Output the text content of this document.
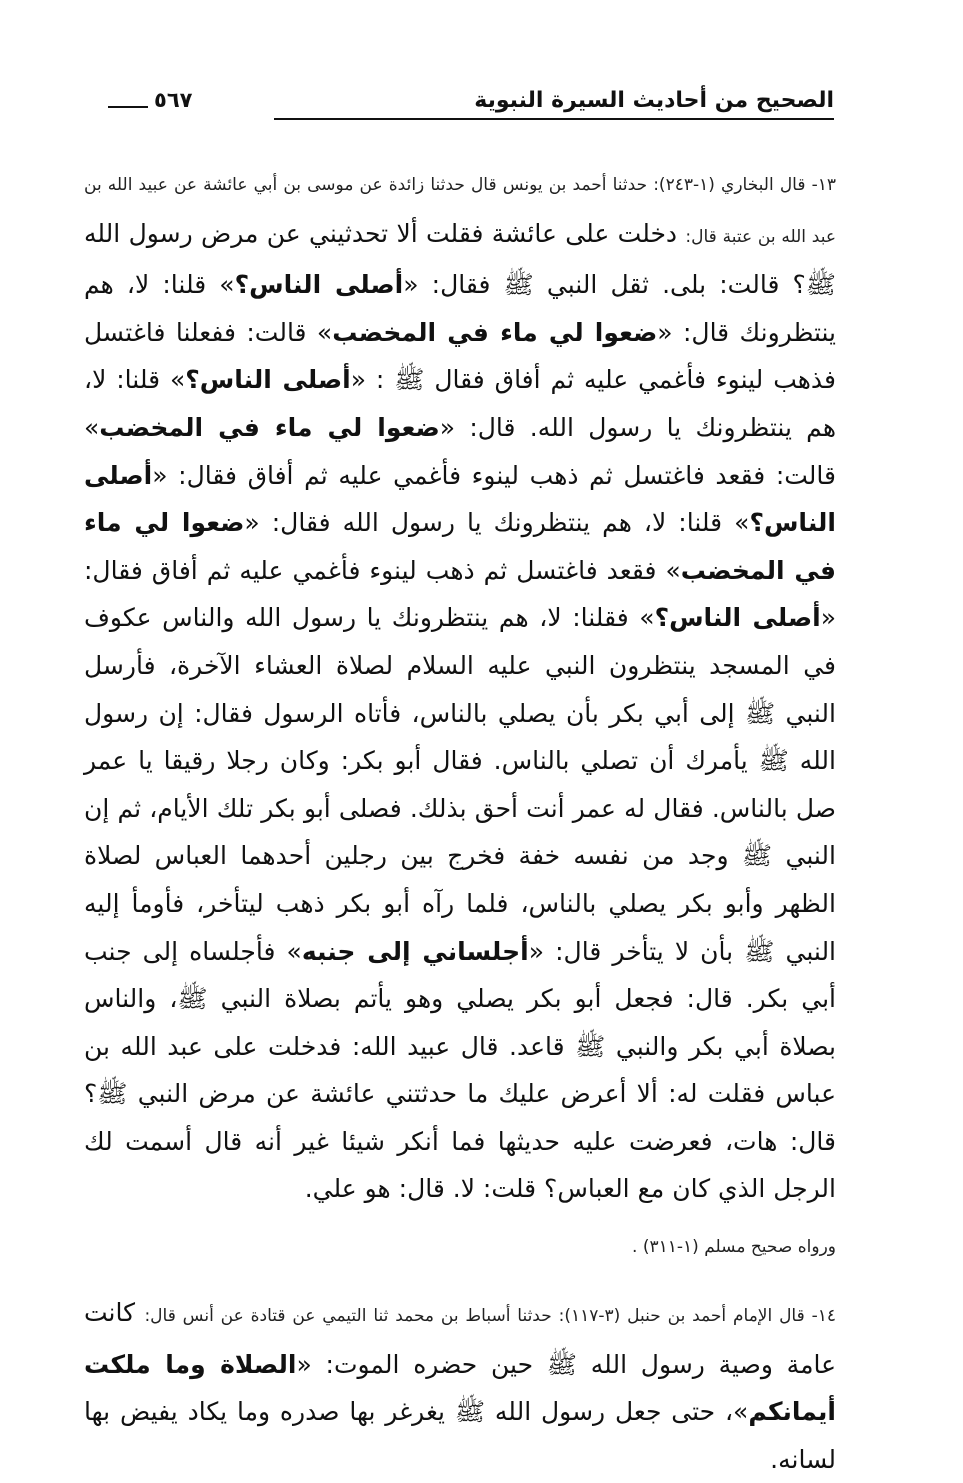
الصحيح من أحاديث السيرة النبوية
٥٦٧

١٣- قال البخاري (١-٢٤٣): حدثنا أحمد بن يونس قال حدثنا زائدة عن موسى بن أبي عائشة عن عبيد الله بن عبد الله بن عتبة قال: دخلت على عائشة فقلت ألا تحدثيني عن مرض رسول الله ﷺ؟ قالت: بلى. ثقل النبي ﷺ فقال: «أصلى الناس؟» قلنا: لا، هم ينتظرونك قال: «ضعوا لي ماء في المخضب» قالت: ففعلنا فاغتسل فذهب لينوء فأغمي عليه ثم أفاق فقال ﷺ : «أصلى الناس؟» قلنا: لا، هم ينتظرونك يا رسول الله. قال: «ضعوا لي ماء في المخضب» قالت: فقعد فاغتسل ثم ذهب لينوء فأغمي عليه ثم أفاق فقال: «أصلى الناس؟» قلنا: لا، هم ينتظرونك يا رسول الله فقال: «ضعوا لي ماء في المخضب» فقعد فاغتسل ثم ذهب لينوء فأغمي عليه ثم أفاق فقال: «أصلى الناس؟» فقلنا: لا، هم ينتظرونك يا رسول الله والناس عكوف في المسجد ينتظرون النبي عليه السلام لصلاة العشاء الآخرة، فأرسل النبي ﷺ إلى أبي بكر بأن يصلي بالناس، فأتاه الرسول فقال: إن رسول الله ﷺ يأمرك أن تصلي بالناس. فقال أبو بكر: وكان رجلا رقيقا يا عمر صل بالناس. فقال له عمر أنت أحق بذلك. فصلى أبو بكر تلك الأيام، ثم إن النبي ﷺ وجد من نفسه خفة فخرج بين رجلين أحدهما العباس لصلاة الظهر وأبو بكر يصلي بالناس، فلما رآه أبو بكر ذهب ليتأخر، فأومأ إليه النبي ﷺ بأن لا يتأخر قال: «أجلساني إلى جنبه» فأجلساه إلى جنب أبي بكر. قال: فجعل أبو بكر يصلي وهو يأتم بصلاة النبي ﷺ، والناس بصلاة أبي بكر والنبي ﷺ قاعد. قال عبيد الله: فدخلت على عبد الله بن عباس فقلت له: ألا أعرض عليك ما حدثتني عائشة عن مرض النبي ﷺ؟ قال: هات، فعرضت عليه حديثها فما أنكر شيئا غير أنه قال أسمت لك الرجل الذي كان مع العباس؟ قلت: لا. قال: هو علي.

ورواه صحيح مسلم (١-٣١١) .

١٤- قال الإمام أحمد بن حنبل (٣-١١٧): حدثنا أسباط بن محمد ثنا التيمي عن قتادة عن أنس قال: كانت عامة وصية رسول الله ﷺ حين حضره الموت: «الصلاة وما ملكت أيمانكم»، حتى جعل رسول الله ﷺ يغرغر بها صدره وما يكاد يفيض بها لسانه.
